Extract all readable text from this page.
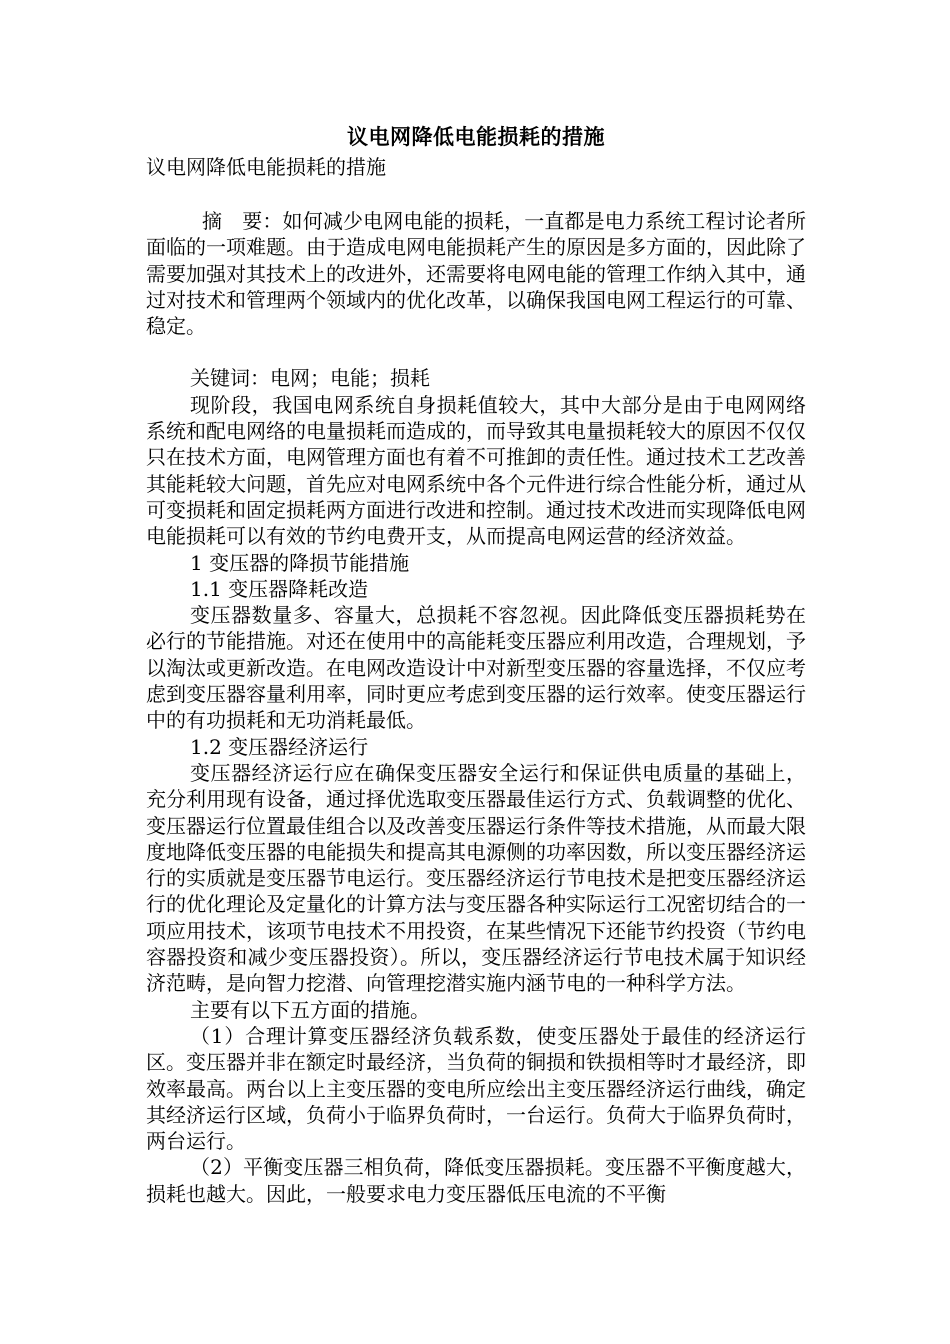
议电网降低电能损耗的措施

议电网降低电能损耗的措施

摘　要：如何减少电网电能的损耗，一直都是电力系统工程讨论者所面临的一项难题。由于造成电网电能损耗产生的原因是多方面的，因此除了需要加强对其技术上的改进外，还需要将电网电能的管理工作纳入其中，通过对技术和管理两个领域内的优化改革，以确保我国电网工程运行的可靠、稳定。

关键词：电网；电能；损耗

现阶段，我国电网系统自身损耗值较大，其中大部分是由于电网网络系统和配电网络的电量损耗而造成的，而导致其电量损耗较大的原因不仅仅只在技术方面，电网管理方面也有着不可推卸的责任性。通过技术工艺改善其能耗较大问题，首先应对电网系统中各个元件进行综合性能分析，通过从可变损耗和固定损耗两方面进行改进和控制。通过技术改进而实现降低电网电能损耗可以有效的节约电费开支，从而提高电网运营的经济效益。

1 变压器的降损节能措施

1.1 变压器降耗改造

变压器数量多、容量大，总损耗不容忽视。因此降低变压器损耗势在必行的节能措施。对还在使用中的高能耗变压器应利用改造，合理规划，予以淘汰或更新改造。在电网改造设计中对新型变压器的容量选择，不仅应考虑到变压器容量利用率，同时更应考虑到变压器的运行效率。使变压器运行中的有功损耗和无功消耗最低。

1.2 变压器经济运行

变压器经济运行应在确保变压器安全运行和保证供电质量的基础上，充分利用现有设备，通过择优选取变压器最佳运行方式、负载调整的优化、变压器运行位置最佳组合以及改善变压器运行条件等技术措施，从而最大限度地降低变压器的电能损失和提高其电源侧的功率因数，所以变压器经济运行的实质就是变压器节电运行。变压器经济运行节电技术是把变压器经济运行的优化理论及定量化的计算方法与变压器各种实际运行工况密切结合的一项应用技术，该项节电技术不用投资，在某些情况下还能节约投资（节约电容器投资和减少变压器投资）。所以，变压器经济运行节电技术属于知识经济范畴，是向智力挖潜、向管理挖潜实施内涵节电的一种科学方法。

主要有以下五方面的措施。

（1）合理计算变压器经济负载系数，使变压器处于最佳的经济运行区。变压器并非在额定时最经济，当负荷的铜损和铁损相等时才最经济，即效率最高。两台以上主变压器的变电所应绘出主变压器经济运行曲线，确定其经济运行区域，负荷小于临界负荷时，一台运行。负荷大于临界负荷时，两台运行。

（2）平衡变压器三相负荷，降低变压器损耗。变压器不平衡度越大，损耗也越大。因此，一般要求电力变压器低压电流的不平衡
